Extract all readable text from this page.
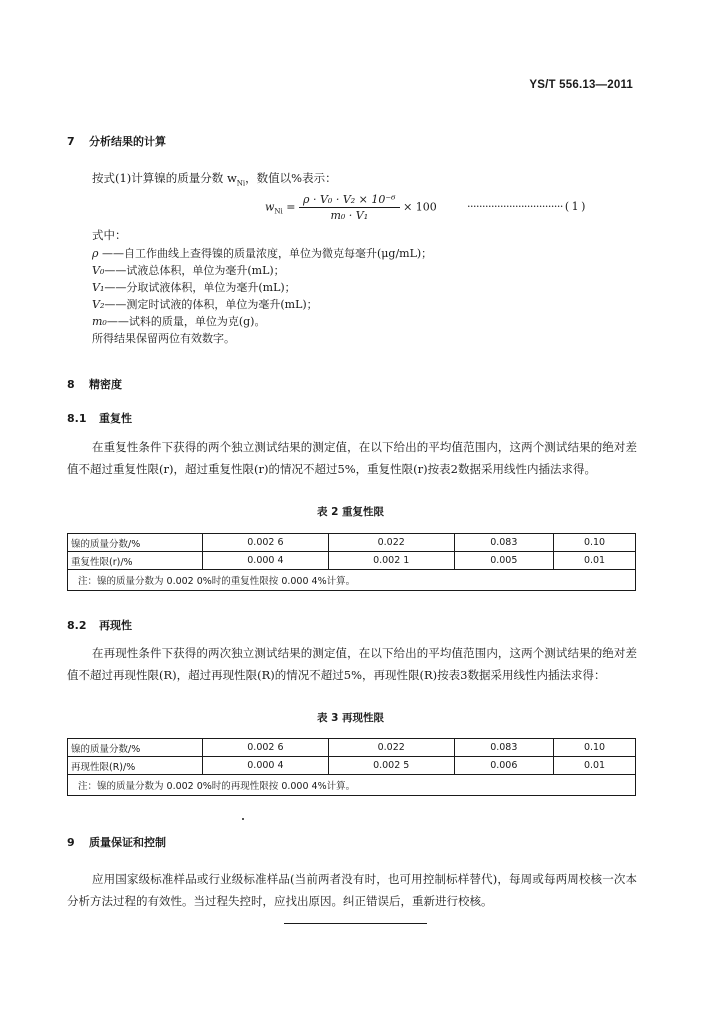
YS/T 556.13—2011
7 分析结果的计算
按式(1)计算镍的质量分数 $w_{Ni}$，数值以%表示：
$w_{Ni} = \frac{\text{ρ · V₀ · V₂ × 10⁻⁶}}{\text{m₀ · V₁}} \times 100$	································ ( 1 )
式中：
ρ ——自工作曲线上查得镍的质量浓度，单位为微克每毫升(μg/mL)；
V₀——试液总体积，单位为毫升(mL)；
V₁——分取试液体积，单位为毫升(mL)；
V₂——测定时试液的体积，单位为毫升(mL)；
m₀——试料的质量，单位为克(g)。
所得结果保留两位有效数字。
8 精密度
8.1 重复性
在重复性条件下获得的两个独立测试结果的测定值，在以下给出的平均值范围内，这两个测试结果的绝对差值不超过重复性限(r)，超过重复性限(r)的情况不超过5%，重复性限(r)按表2数据采用线性内插法求得。
表 2 重复性限
镍的质量分数/%	0.002 6	0.022	0.083	0.10
重复性限(r)/%	0.000 4	0.002 1	0.005	0.01
注：镍的质量分数为 0.002 0%时的重复性限按 0.000 4%计算。				
8.2 再现性
在再现性条件下获得的两次独立测试结果的测定值，在以下给出的平均值范围内，这两个测试结果的绝对差值不超过再现性限(R)，超过再现性限(R)的情况不超过5%，再现性限(R)按表3数据采用线性内插法求得：
表 3 再现性限
镍的质量分数/%	0.002 6	0.022	0.083	0.10
再现性限(R)/%	0.000 4	0.002 5	0.006	0.01
注：镍的质量分数为 0.002 0%时的再现性限按 0.000 4%计算。				
9 质量保证和控制
应用国家级标准样品或行业级标准样品(当前两者没有时，也可用控制标样替代)，每周或每两周校核一次本分析方法过程的有效性。当过程失控时，应找出原因。纠正错误后，重新进行校核。
